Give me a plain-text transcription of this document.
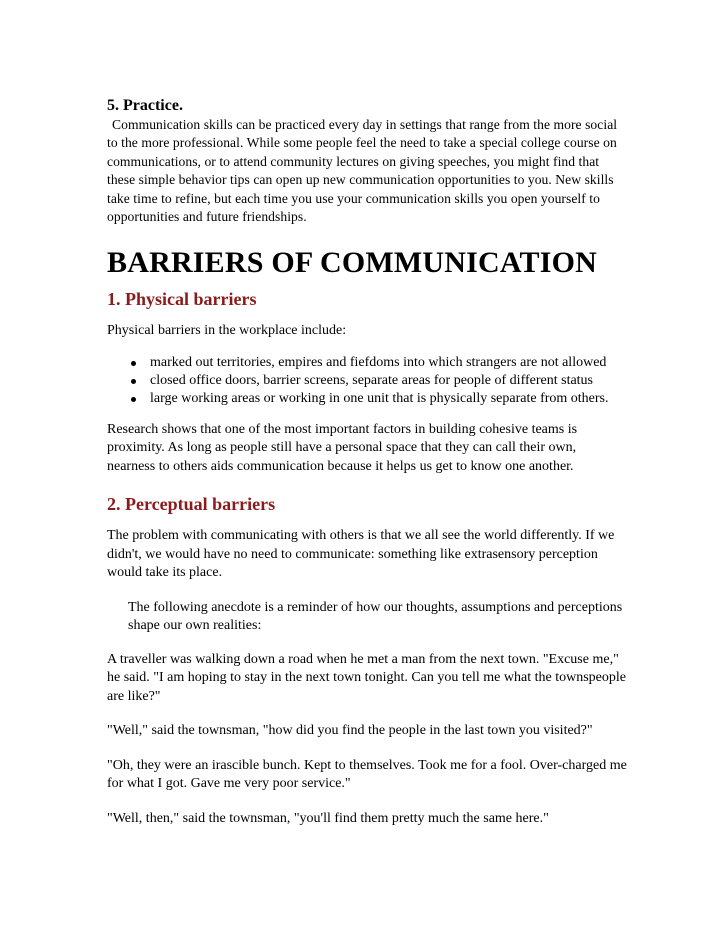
5. Practice.

Communication skills can be practiced every day in settings that range from the more social to the more professional. While some people feel the need to take a special college course on communications, or to attend community lectures on giving speeches, you might find that these simple behavior tips can open up new communication opportunities to you. New skills take time to refine, but each time you use your communication skills you open yourself to opportunities and future friendships.

BARRIERS OF COMMUNICATION
1. Physical barriers

Physical barriers in the workplace include:

marked out territories, empires and fiefdoms into which strangers are not allowed
closed office doors, barrier screens, separate areas for people of different status
large working areas or working in one unit that is physically separate from others.

Research shows that one of the most important factors in building cohesive teams is proximity. As long as people still have a personal space that they can call their own, nearness to others aids communication because it helps us get to know one another.

2. Perceptual barriers

The problem with communicating with others is that we all see the world differently. If we didn't, we would have no need to communicate: something like extrasensory perception would take its place.

The following anecdote is a reminder of how our thoughts, assumptions and perceptions shape our own realities:

A traveller was walking down a road when he met a man from the next town. "Excuse me," he said. "I am hoping to stay in the next town tonight. Can you tell me what the townspeople are like?"

"Well," said the townsman, "how did you find the people in the last town you visited?"

"Oh, they were an irascible bunch. Kept to themselves. Took me for a fool. Over-charged me for what I got. Gave me very poor service."

"Well, then," said the townsman, "you'll find them pretty much the same here."
